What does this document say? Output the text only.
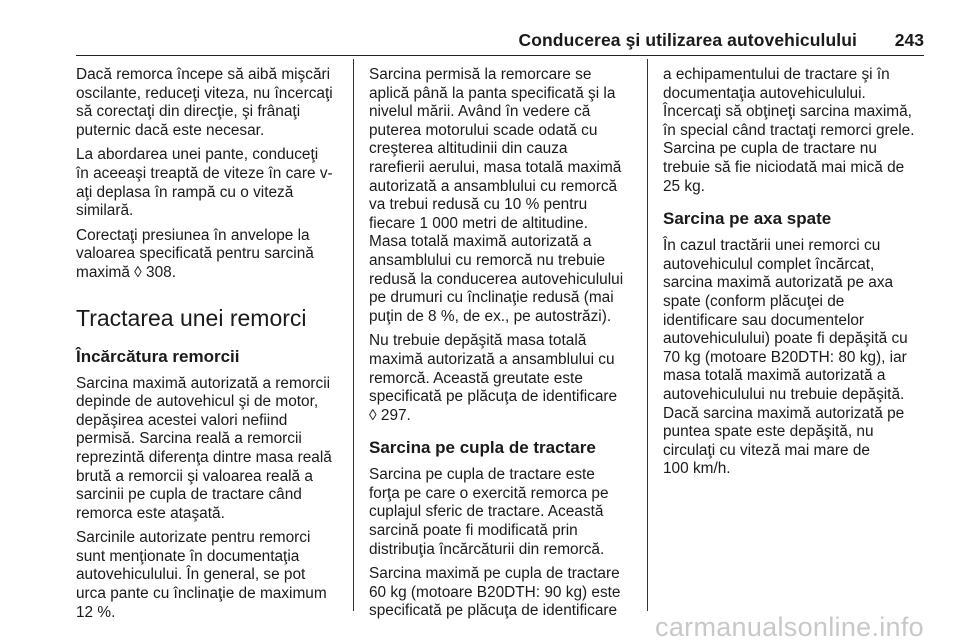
Conducerea şi utilizarea autovehiculului 243

Dacă remorca începe să aibă mişcări
oscilante, reduceţi viteza, nu încercaţi
să corectaţi din direcţie, şi frânaţi
puternic dacă este necesar.

La abordarea unei pante, conduceţi
în aceeaşi treaptă de viteze în care v-
aţi deplasa în rampă cu o viteză
similară.

Corectaţi presiunea în anvelope la
valoarea specificată pentru sarcină
maximă ◊ 308.

Tractarea unei remorci
Încărcătura remorcii

Sarcina maximă autorizată a remorcii
depinde de autovehicul şi de motor,
depăşirea acestei valori nefiind
permisă. Sarcina reală a remorcii
reprezintă diferenţa dintre masa reală
brută a remorcii şi valoarea reală a
sarcinii pe cupla de tractare când
remorca este ataşată.

Sarcinile autorizate pentru remorci
sunt menţionate în documentaţia
autovehiculului. În general, se pot
urca pante cu înclinaţie de maximum
12 %.

Sarcina permisă la remorcare se
aplică până la panta specificată şi la
nivelul mării. Având în vedere că
puterea motorului scade odată cu
creşterea altitudinii din cauza
rarefierii aerului, masa totală maximă
autorizată a ansamblului cu remorcă
va trebui redusă cu 10 % pentru
fiecare 1 000 metri de altitudine.
Masa totală maximă autorizată a
ansamblului cu remorcă nu trebuie
redusă la conducerea autovehiculului
pe drumuri cu înclinaţie redusă (mai
puţin de 8 %, de ex., pe autostrăzi).

Nu trebuie depăşită masa totală
maximă autorizată a ansamblului cu
remorcă. Această greutate este
specificată pe plăcuţa de identificare
◊ 297.

Sarcina pe cupla de tractare

Sarcina pe cupla de tractare este
forţa pe care o exercită remorca pe
cuplajul sferic de tractare. Această
sarcină poate fi modificată prin
distribuţia încărcăturii din remorcă.

Sarcina maximă pe cupla de tractare
60 kg (motoare B20DTH: 90 kg) este
specificată pe plăcuţa de identificare

a echipamentului de tractare şi în
documentaţia autovehiculului.
Încercaţi să obţineţi sarcina maximă,
în special când tractaţi remorci grele.
Sarcina pe cupla de tractare nu
trebuie să fie niciodată mai mică de
25 kg.

Sarcina pe axa spate

În cazul tractării unei remorci cu
autovehiculul complet încărcat,
sarcina maximă autorizată pe axa
spate (conform plăcuţei de
identificare sau documentelor
autovehiculului) poate fi depăşită cu
70 kg (motoare B20DTH: 80 kg), iar
masa totală maximă autorizată a
autovehiculului nu trebuie depăşită.
Dacă sarcina maximă autorizată pe
puntea spate este depăşită, nu
circulaţi cu viteză mai mare de
100 km/h.

carmanualsonline.info
